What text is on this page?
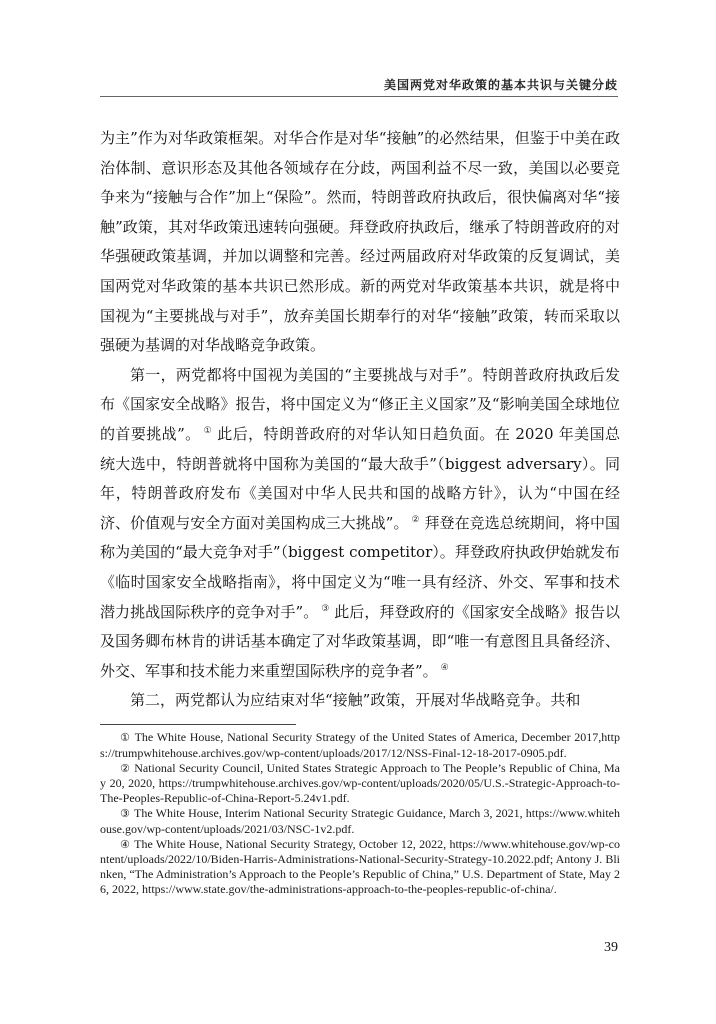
美国两党对华政策的基本共识与关键分歧

为主”作为对华政策框架。对华合作是对华“接触”的必然结果，但鉴于中美在政治体制、意识形态及其他各领域存在分歧，两国利益不尽一致，美国以必要竞争来为“接触与合作”加上“保险”。然而，特朗普政府执政后，很快偏离对华“接触”政策，其对华政策迅速转向强硬。拜登政府执政后，继承了特朗普政府的对华强硬政策基调，并加以调整和完善。经过两届政府对华政策的反复调试，美国两党对华政策的基本共识已然形成。新的两党对华政策基本共识，就是将中国视为“主要挑战与对手”，放弃美国长期奉行的对华“接触”政策，转而采取以强硬为基调的对华战略竞争政策。

第一，两党都将中国视为美国的“主要挑战与对手”。特朗普政府执政后发布《国家安全战略》报告，将中国定义为“修正主义国家”及“影响美国全球地位的首要挑战”。 ① 此后，特朗普政府的对华认知日趋负面。在 2020 年美国总统大选中，特朗普就将中国称为美国的“最大敌手”（biggest adversary）。同年，特朗普政府发布《美国对中华人民共和国的战略方针》，认为“中国在经济、价值观与安全方面对美国构成三大挑战”。 ② 拜登在竞选总统期间，将中国称为美国的“最大竞争对手”（biggest competitor）。拜登政府执政伊始就发布《临时国家安全战略指南》，将中国定义为“唯一具有经济、外交、军事和技术潜力挑战国际秩序的竞争对手”。 ③ 此后，拜登政府的《国家安全战略》报告以及国务卿布林肯的讲话基本确定了对华政策基调，即“唯一有意图且具备经济、外交、军事和技术能力来重塑国际秩序的竞争者”。 ④

第二，两党都认为应结束对华“接触”政策，开展对华战略竞争。共和

① The White House, National Security Strategy of the United States of America, December 2017,https://trumpwhitehouse.archives.gov/wp-content/uploads/2017/12/NSS-Final-12-18-2017-0905.pdf.

② National Security Council, United States Strategic Approach to The People’s Republic of China, May 20, 2020, https://trumpwhitehouse.archives.gov/wp-content/uploads/2020/05/U.S.-Strategic-Approach-to-The-Peoples-Republic-of-China-Report-5.24v1.pdf.

③ The White House, Interim National Security Strategic Guidance, March 3, 2021, https://www.whitehouse.gov/wp-content/uploads/2021/03/NSC-1v2.pdf.

④ The White House, National Security Strategy, October 12, 2022, https://www.whitehouse.gov/wp-content/uploads/2022/10/Biden-Harris-Administrations-National-Security-Strategy-10.2022.pdf; Antony J. Blinken, “The Administration’s Approach to the People’s Republic of China,” U.S. Department of State, May 26, 2022, https://www.state.gov/the-administrations-approach-to-the-peoples-republic-of-china/.

39
